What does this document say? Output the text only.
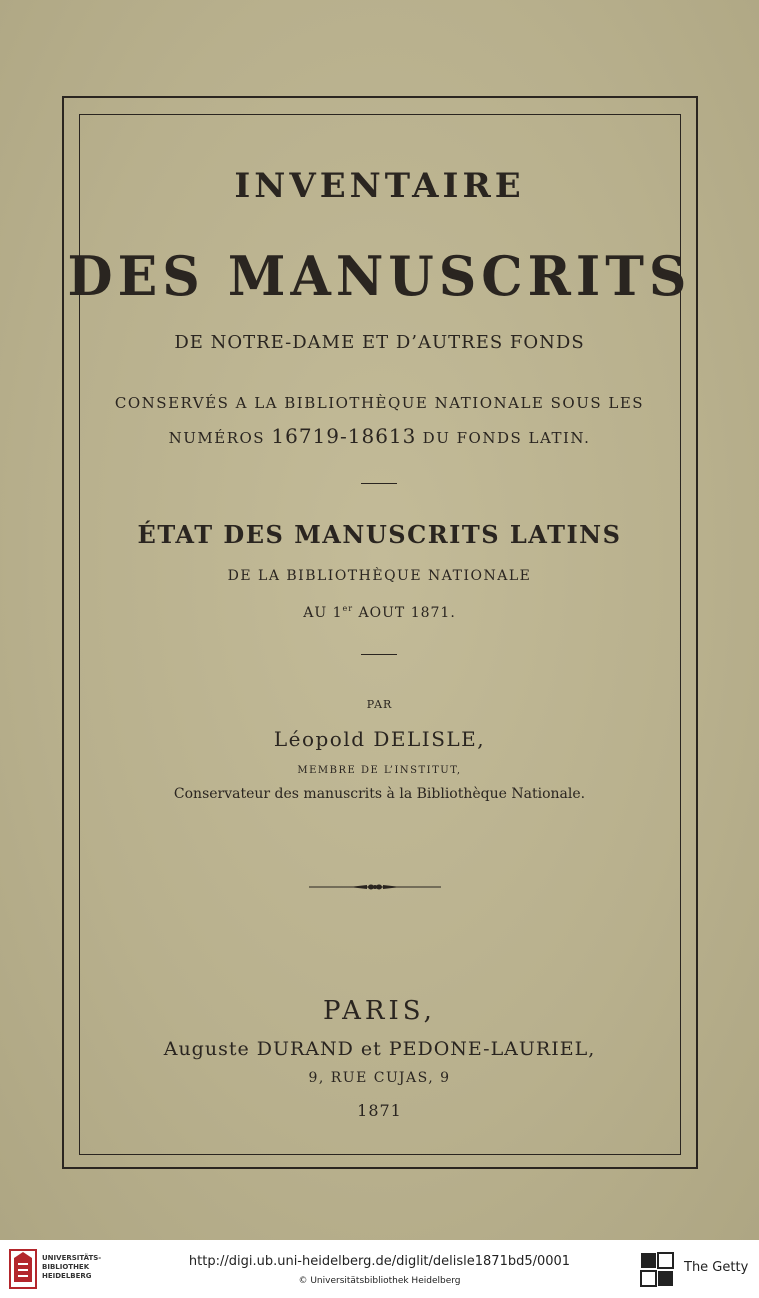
INVENTAIRE
DES MANUSCRITS
DE NOTRE-DAME ET D’AUTRES FONDS
CONSERVÉS A LA BIBLIOTHÈQUE NATIONALE SOUS LES
NUMÉROS 16719-18613 DU FONDS LATIN.
ÉTAT DES MANUSCRITS LATINS
DE LA BIBLIOTHÈQUE NATIONALE
AU 1er AOUT 1871.
PAR
Léopold DELISLE,
MEMBRE DE L’INSTITUT,
Conservateur des manuscrits à la Bibliothèque Nationale.
PARIS,
Auguste DURAND et PEDONE-LAURIEL,
9, RUE CUJAS, 9
1871
UNIVERSITÄTS-
BIBLIOTHEK
HEIDELBERG
http://digi.ub.uni-heidelberg.de/diglit/delisle1871bd5/0001
© Universitätsbibliothek Heidelberg
The Getty
